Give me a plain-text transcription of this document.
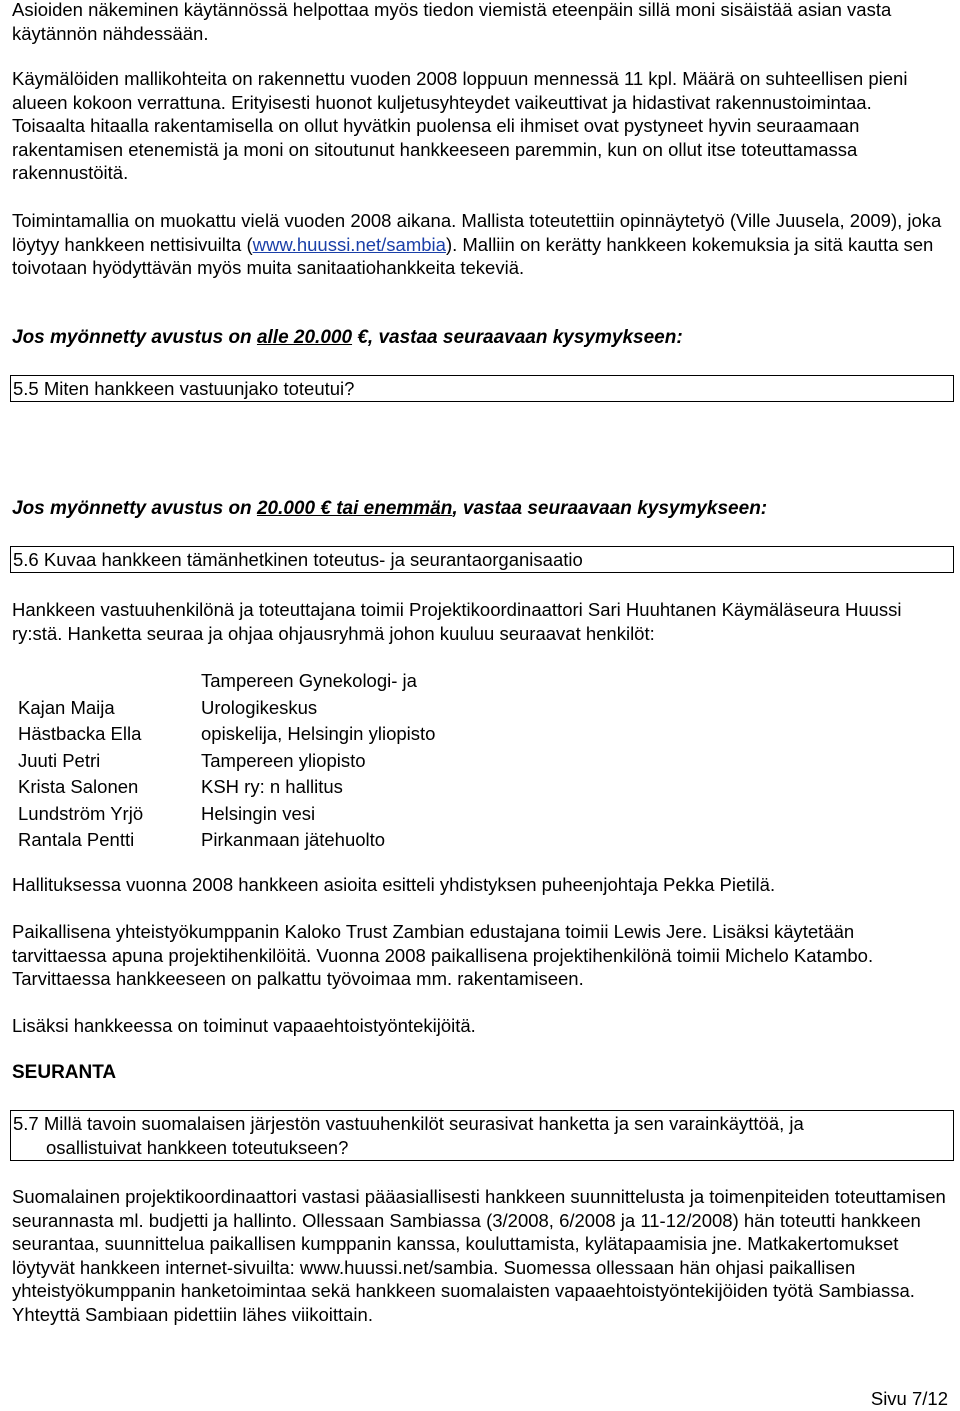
Asioiden näkeminen käytännössä helpottaa myös tiedon viemistä eteenpäin sillä moni sisäistää asian vasta käytännön nähdessään.

Käymälöiden mallikohteita on rakennettu vuoden 2008 loppuun mennessä 11 kpl. Määrä on suhteellisen pieni alueen kokoon verrattuna. Erityisesti huonot kuljetusyhteydet vaikeuttivat ja hidastivat rakennustoimintaa. Toisaalta hitaalla rakentamisella on ollut hyvätkin puolensa eli ihmiset ovat pystyneet hyvin seuraamaan rakentamisen etenemistä ja moni on sitoutunut hankkeeseen paremmin, kun on ollut itse toteuttamassa rakennustöitä.

Toimintamallia on muokattu vielä vuoden 2008 aikana. Mallista toteutettiin opinnäytetyö (Ville Juusela, 2009), joka löytyy hankkeen nettisivuilta (www.huussi.net/sambia). Malliin on kerätty hankkeen kokemuksia ja sitä kautta sen toivotaan hyödyttävän myös muita sanitaatiohankkeita tekeviä.

Jos myönnetty avustus on alle 20.000 €, vastaa seuraavaan kysymykseen:
5.5 Miten hankkeen vastuunjako toteutui?
Jos myönnetty avustus on 20.000 € tai enemmän, vastaa seuraavaan kysymykseen:
5.6 Kuvaa hankkeen tämänhetkinen toteutus- ja seurantaorganisaatio

Hankkeen vastuuhenkilönä ja toteuttajana toimii Projektikoordinaattori Sari Huuhtanen Käymäläseura Huussi ry:stä. Hanketta seuraa ja ohjaa ohjausryhmä johon kuuluu seuraavat henkilöt:

Tampereen Gynekologi- ja
Kajan Maija	Urologikeskus
Hästbacka Ella	opiskelija, Helsingin yliopisto
Juuti Petri	Tampereen yliopisto
Krista Salonen	KSH ry: n hallitus
Lundström Yrjö	Helsingin vesi
Rantala Pentti	Pirkanmaan jätehuolto

Hallituksessa vuonna 2008 hankkeen asioita esitteli yhdistyksen puheenjohtaja Pekka Pietilä.

Paikallisena yhteistyökumppanin Kaloko Trust Zambian edustajana toimii Lewis Jere. Lisäksi käytetään tarvittaessa apuna projektihenkilöitä. Vuonna 2008 paikallisena projektihenkilönä toimii Michelo Katambo. Tarvittaessa hankkeeseen on palkattu työvoimaa mm. rakentamiseen.

Lisäksi hankkeessa on toiminut vapaaehtoistyöntekijöitä.

SEURANTA
5.7 Millä tavoin suomalaisen järjestön vastuuhenkilöt seurasivat hanketta ja sen varainkäyttöä, ja
osallistuivat hankkeen toteutukseen?

Suomalainen projektikoordinaattori vastasi pääasiallisesti hankkeen suunnittelusta ja toimenpiteiden toteuttamisen seurannasta ml. budjetti ja hallinto. Ollessaan Sambiassa (3/2008, 6/2008 ja 11-12/2008) hän toteutti hankkeen seurantaa, suunnittelua paikallisen kumppanin kanssa, kouluttamista, kylätapaamisia jne. Matkakertomukset löytyvät hankkeen internet-sivuilta: www.huussi.net/sambia. Suomessa ollessaan hän ohjasi paikallisen yhteistyökumppanin hanketoimintaa sekä hankkeen suomalaisten vapaaehtoistyöntekijöiden työtä Sambiassa. Yhteyttä Sambiaan pidettiin lähes viikoittain.

Sivu 7/12
